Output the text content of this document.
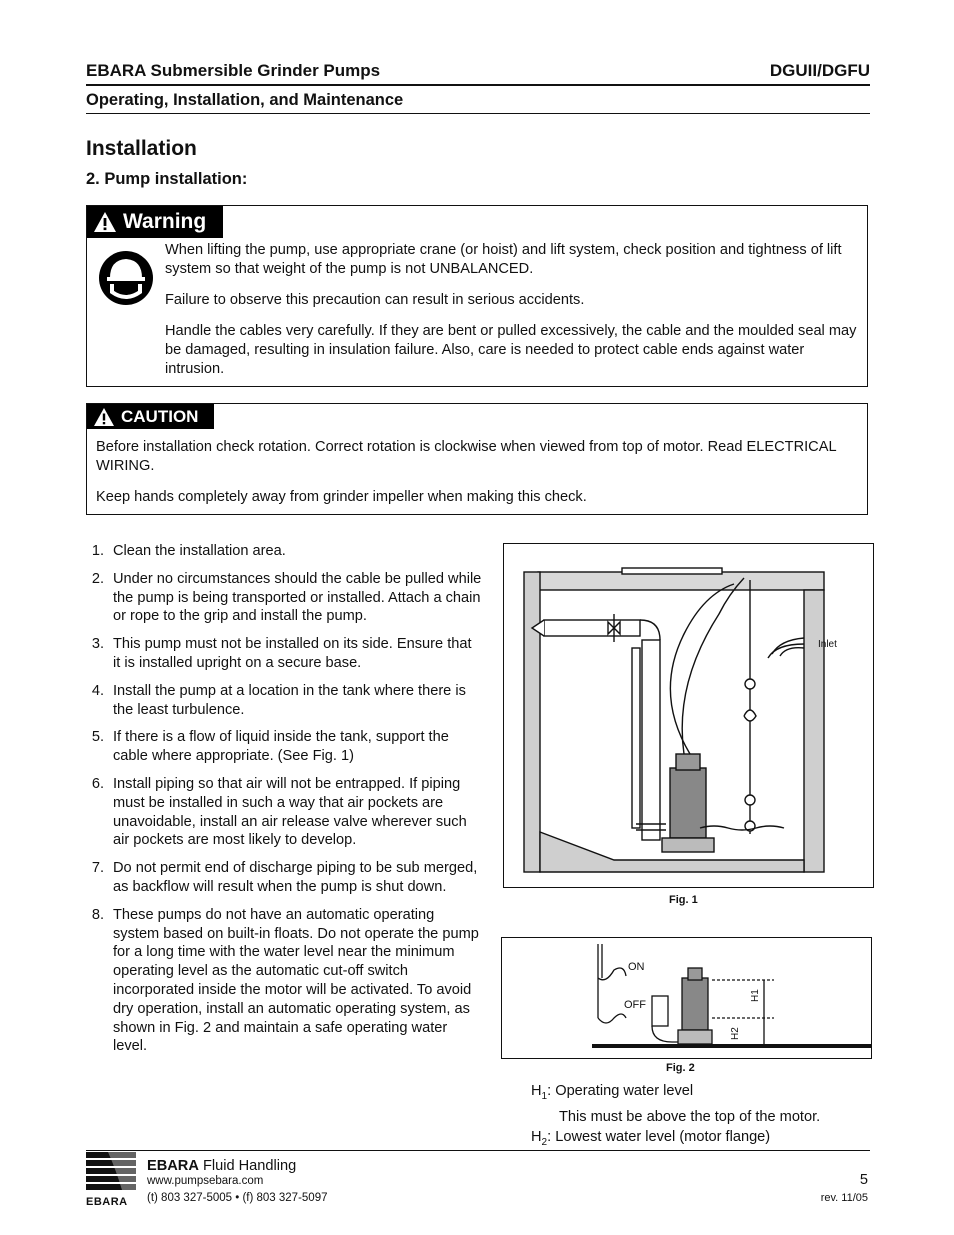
EBARA Submersible Grinder Pumps	DGUII/DGFU
Operating, Installation, and Maintenance
Installation
2. Pump installation:
Warning

When lifting the pump, use appropriate crane (or hoist) and lift system, check position and tightness of lift system so that weight of the pump is not UNBALANCED.

Failure to observe this precaution can result in serious accidents.

Handle the cables very carefully. If they are bent or pulled excessively, the cable and the moulded seal may be damaged, resulting in insulation failure. Also, care is needed to protect cable ends against water intrusion.

CAUTION

Before installation check rotation. Correct rotation is clockwise when viewed from top of motor. Read ELECTRICAL WIRING.

Keep hands completely away from grinder impeller when making this check.

1. Clean the installation area.
2. Under no circumstances should the cable be pulled while the pump is being transported or installed. Attach a chain or rope to the grip and install the pump.
3. This pump must not be installed on its side. Ensure that it is installed upright on a secure base.
4. Install the pump at a location in the tank where there is the least turbulence.
5. If there is a flow of liquid inside the tank, support the cable where appropriate. (See Fig. 1)
6. Install piping so that air will not be entrapped. If piping must be installed in such a way that air pockets are unavoidable, install an air release valve wherever such air pockets are most likely to develop.
7. Do not permit end of discharge piping to be sub merged, as backflow will result when the pump is shut down.
8. These pumps do not have an automatic operating system based on built-in floats. Do not operate the pump for a long time with the water level near the minimum operating level as the automatic cut-off switch incorporated inside the motor will be activated. To avoid dry operation, install an automatic operating system, as shown in Fig. 2 and maintain a safe operating water level.
Inlet
Fig. 1
ON
OFF
H1
H2
Fig. 2
$H_1$: Operating water level
This must be above the top of the motor.
$H_2$: Lowest water level (motor flange)
EBARA
EBARA Fluid Handling
www.pumpsebara.com
(t) 803 327-5005 • (f) 803 327-5097
5
rev. 11/05
